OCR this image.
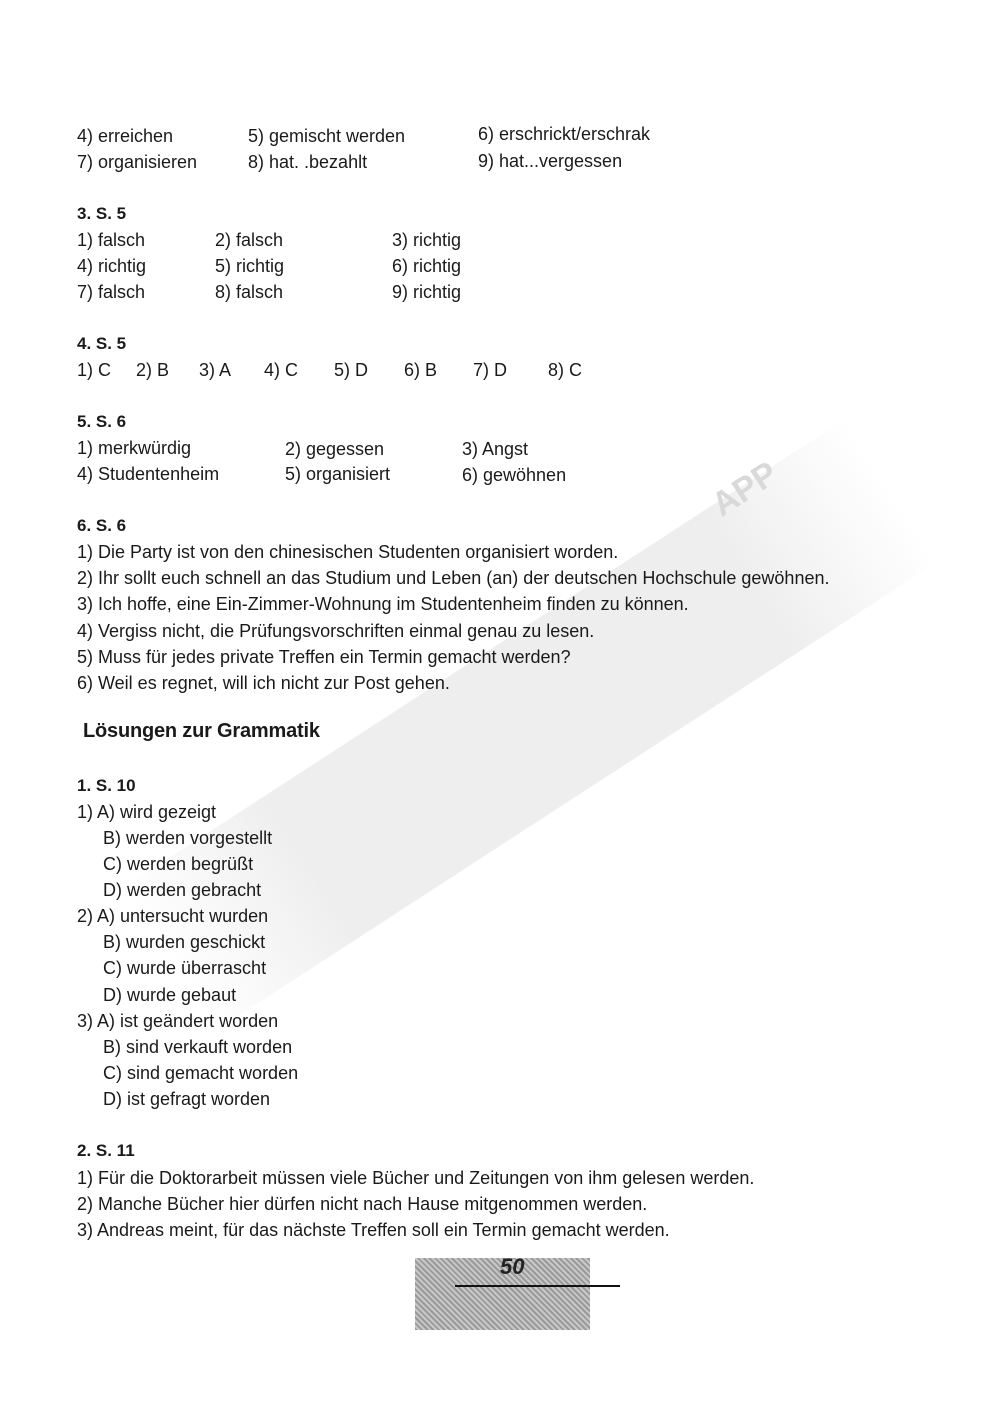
APP
4) erreichen	5) gemischt werden	6) erschrickt/erschrak
7) organisieren	8) hat. .bezahlt	9) hat...vergessen
3. S. 5
1) falsch	2) falsch	3) richtig
4) richtig	5) richtig	6) richtig
7) falsch	8) falsch	9) richtig
4. S. 5
1) C 2) B 3) A 4) C 5) D 6) B 7) D 8) C
5. S. 6
1) merkwürdig	2) gegessen	3) Angst
4) Studentenheim	5) organisiert	6) gewöhnen
6. S. 6
1) Die Party ist von den chinesischen Studenten organisiert worden.
2) Ihr sollt euch schnell an das Studium und Leben (an) der deutschen Hochschule gewöhnen.
3) Ich hoffe, eine Ein-Zimmer-Wohnung im Studentenheim finden zu können.
4) Vergiss nicht, die Prüfungsvorschriften einmal genau zu lesen.
5) Muss für jedes private Treffen ein Termin gemacht werden?
6) Weil es regnet, will ich nicht zur Post gehen.
Lösungen zur Grammatik
1. S. 10
1) A) wird gezeigt
B) werden vorgestellt
C) werden begrüßt
D) werden gebracht
2) A) untersucht wurden
B) wurden geschickt
C) wurde überrascht
D) wurde gebaut
3) A) ist geändert worden
B) sind verkauft worden
C) sind gemacht worden
D) ist gefragt worden
2. S. 11
1) Für die Doktorarbeit müssen viele Bücher und Zeitungen von ihm gelesen werden.
2) Manche Bücher hier dürfen nicht nach Hause mitgenommen werden.
3) Andreas meint, für das nächste Treffen soll ein Termin gemacht werden.
50
